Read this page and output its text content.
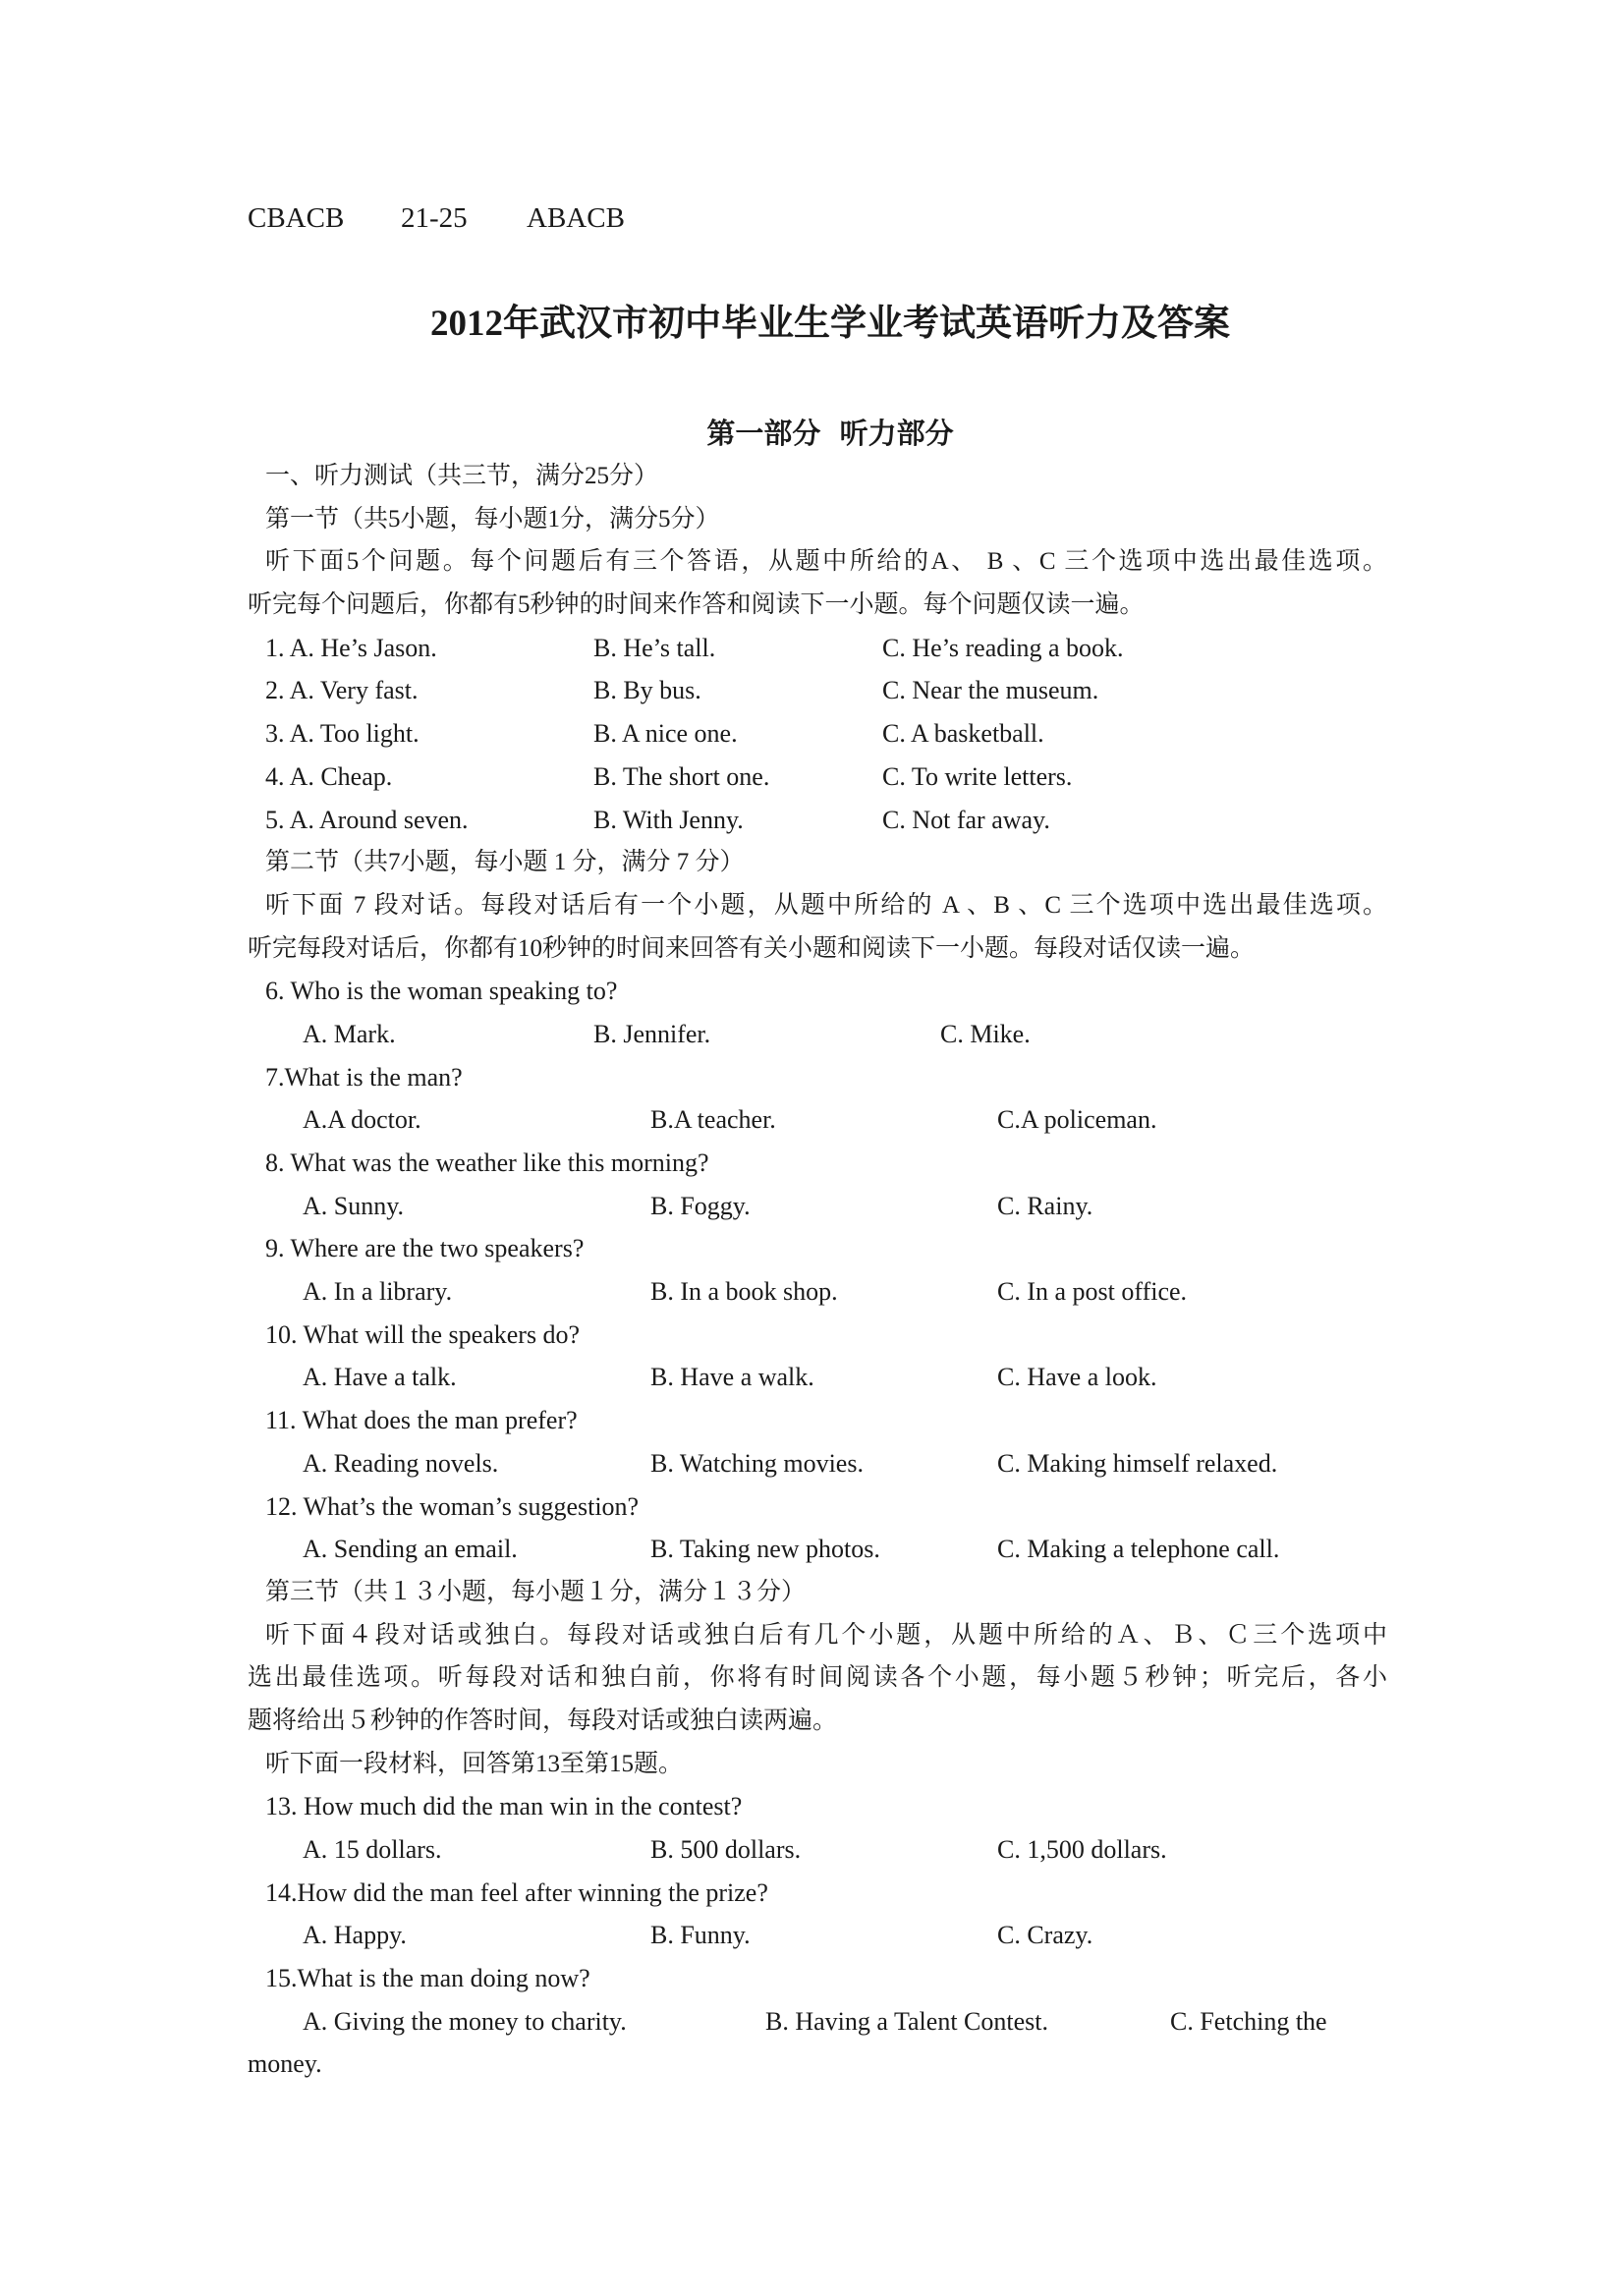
CBACB 21-25 ABACB
2012年武汉市初中毕业生学业考试英语听力及答案
第一部分 听力部分
一、听力测试（共三节，满分25分）
第一节（共5小题，每小题1分，满分5分）
听下面5个问题。每个问题后有三个答语，从题中所给的A、 B 、C 三个选项中选出最佳选项。
听完每个问题后，你都有5秒钟的时间来作答和阅读下一小题。每个问题仅读一遍。
1. A. He’s Jason.	B. He’s tall.	C. He’s reading a book.
2. A. Very fast.	B. By bus.	C. Near the museum.
3. A. Too light.	B. A nice one.	C. A basketball.
4. A. Cheap.	B. The short one.	C. To write letters.
5. A. Around seven.	B. With Jenny.	C. Not far away.
第二节（共7小题，每小题 1 分，满分 7 分）
听下面 7 段对话。每段对话后有一个小题，从题中所给的 A 、B 、C 三个选项中选出最佳选项。
听完每段对话后，你都有10秒钟的时间来回答有关小题和阅读下一小题。每段对话仅读一遍。
6. Who is the woman speaking to?
A. Mark.	B. Jennifer.	C. Mike.
7.What is the man?
A.A doctor.	B.A teacher.	C.A policeman.
8. What was the weather like this morning?
A. Sunny.	B. Foggy.	C. Rainy.
9. Where are the two speakers?
A. In a library.	B. In a book shop.	C. In a post office.
10. What will the speakers do?
A. Have a talk.	B. Have a walk.	C. Have a look.
11. What does the man prefer?
A. Reading novels.	B. Watching movies.	C. Making himself relaxed.
12. What’s the woman’s suggestion?
A. Sending an email.	B. Taking new photos.	C. Making a telephone call.
第三节（共１３小题，每小题１分，满分１３分）
听下面４段对话或独白。每段对话或独白后有几个小题，从题中所给的Ａ、Ｂ、Ｃ三个选项中
选出最佳选项。听每段对话和独白前，你将有时间阅读各个小题，每小题５秒钟；听完后，各小
题将给出５秒钟的作答时间，每段对话或独白读两遍。
听下面一段材料，回答第13至第15题。
13. How much did the man win in the contest?
A. 15 dollars.	B. 500 dollars.	C. 1,500 dollars.
14.How did the man feel after winning the prize?
A. Happy.	B. Funny.	C. Crazy.
15.What is the man doing now?
A. Giving the money to charity.	B. Having a Talent Contest.	C. Fetching the
money.
